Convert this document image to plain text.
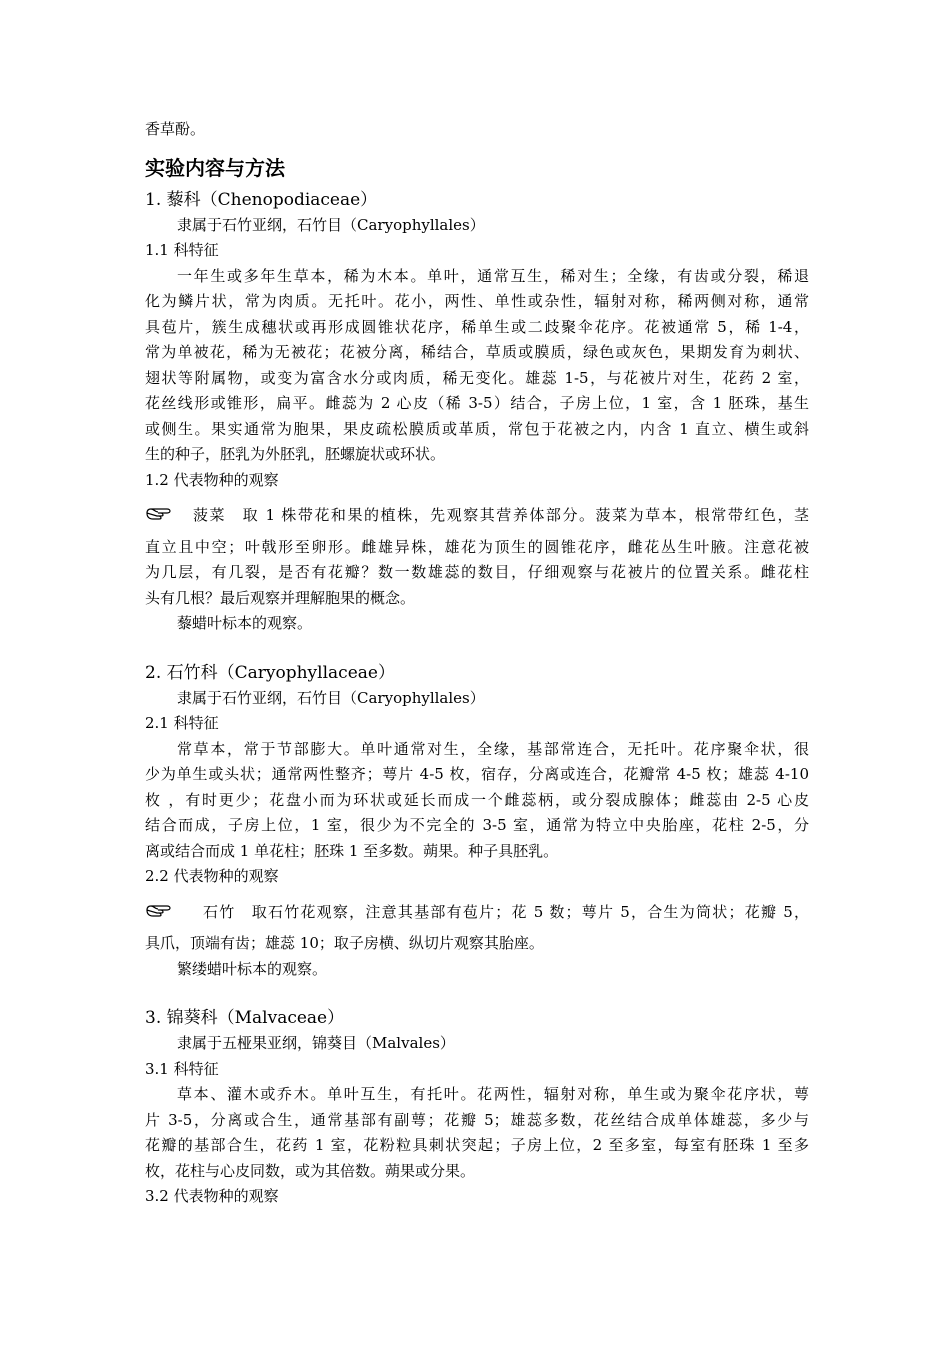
香草酚。
实验内容与方法
1. 藜科（Chenopodiaceae）
隶属于石竹亚纲，石竹目（Caryophyllales）
1.1 科特征
一年生或多年生草本，稀为木本。单叶，通常互生，稀对生；全缘，有齿或分裂，稀退
化为鳞片状，常为肉质。无托叶。花小，两性、单性或杂性，辐射对称，稀两侧对称，通常
具苞片，簇生成穗状或再形成圆锥状花序，稀单生或二歧聚伞花序。花被通常 5，稀 1-4，
常为单被花，稀为无被花；花被分离，稀结合，草质或膜质，绿色或灰色，果期发育为刺状、
翅状等附属物，或变为富含水分或肉质，稀无变化。雄蕊 1-5，与花被片对生，花药 2 室，
花丝线形或锥形，扁平。雌蕊为 2 心皮（稀 3-5）结合，子房上位，1 室，含 1 胚珠，基生
或侧生。果实通常为胞果，果皮疏松膜质或革质，常包于花被之内，内含 1 直立、横生或斜
生的种子，胚乳为外胚乳，胚螺旋状或环状。
1.2 代表物种的观察
菠菜　取 1 株带花和果的植株，先观察其营养体部分。菠菜为草本，根常带红色，茎
直立且中空；叶戟形至卵形。雌雄异株，雄花为顶生的圆锥花序，雌花丛生叶腋。注意花被
为几层，有几裂，是否有花瓣？数一数雄蕊的数目，仔细观察与花被片的位置关系。雌花柱
头有几根？最后观察并理解胞果的概念。
藜蜡叶标本的观察。
2. 石竹科（Caryophyllaceae）
隶属于石竹亚纲，石竹目（Caryophyllales）
2.1 科特征
常草本，常于节部膨大。单叶通常对生，全缘，基部常连合，无托叶。花序聚伞状，很
少为单生或头状；通常两性整齐；萼片 4-5 枚，宿存，分离或连合，花瓣常 4-5 枚；雄蕊 4-10
枚 ，有时更少；花盘小而为环状或延长而成一个雌蕊柄，或分裂成腺体；雌蕊由 2-5 心皮
结合而成，子房上位，1 室，很少为不完全的 3-5 室，通常为特立中央胎座，花柱 2-5，分
离或结合而成 1 单花柱；胚珠 1 至多数。蒴果。种子具胚乳。
2.2 代表物种的观察
石竹　取石竹花观察，注意其基部有苞片；花 5 数；萼片 5，合生为筒状；花瓣 5，
具爪，顶端有齿；雄蕊 10；取子房横、纵切片观察其胎座。
繁缕蜡叶标本的观察。
3. 锦葵科（Malvaceae）
隶属于五桠果亚纲，锦葵目（Malvales）
3.1 科特征
草本、灌木或乔木。单叶互生，有托叶。花两性，辐射对称，单生或为聚伞花序状，萼
片 3-5，分离或合生，通常基部有副萼；花瓣 5；雄蕊多数，花丝结合成单体雄蕊，多少与
花瓣的基部合生，花药 1 室，花粉粒具刺状突起；子房上位，2 至多室，每室有胚珠 1 至多
枚，花柱与心皮同数，或为其倍数。蒴果或分果。
3.2 代表物种的观察
